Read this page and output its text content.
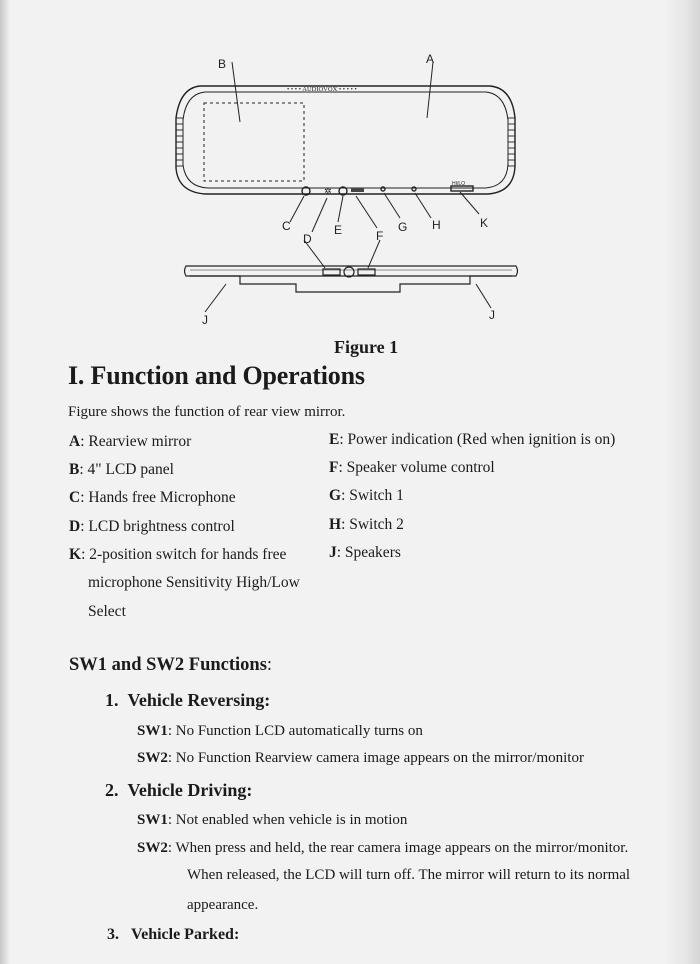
• • • • AUDIOVOX • • • • •
HI/LO
✲
A
B
C
D
E	F
G H	K
J	J
Figure 1
I. Function and Operations
Figure shows the function of rear view mirror.
A: Rearview mirror
B: 4" LCD panel
C: Hands free Microphone
D: LCD brightness control
K: 2-position switch for hands free
microphone Sensitivity High/Low
Select
E: Power indication (Red when ignition is on)
F: Speaker volume control
G: Switch 1
H: Switch 2
J: Speakers
SW1 and SW2 Functions:
1. Vehicle Reversing:
SW1: No Function LCD automatically turns on
SW2: No Function Rearview camera image appears on the mirror/monitor
2. Vehicle Driving:
SW1: Not enabled when vehicle is in motion
SW2: When press and held, the rear camera image appears on the mirror/monitor.
When released, the LCD will turn off. The mirror will return to its normal
appearance.
3. Vehicle Parked:
